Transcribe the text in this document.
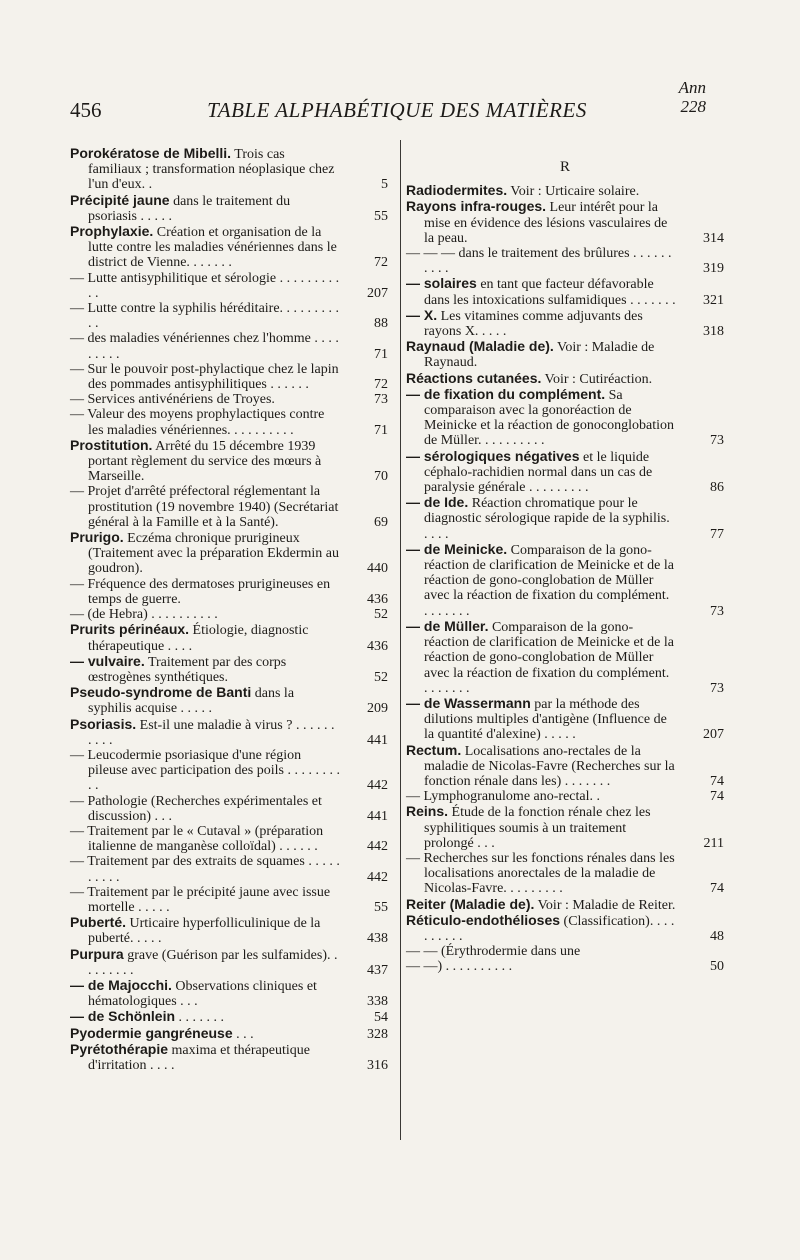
Ann
228
456	TABLE ALPHABÉTIQUE DES MATIÈRES

Porokératose de Mibelli. Trois cas familiaux ; transformation néoplasique chez l'un d'eux. .	5

Précipité jaune dans le traitement du psoriasis . . . . .	55

Prophylaxie. Création et organisation de la lutte contre les maladies vénériennes dans le district de Vienne. . . . . . .	72

— Lutte antisyphilitique et sérologie . . . . . . . . . . .	207

— Lutte contre la syphilis héréditaire. . . . . . . . . . .	88

— des maladies vénériennes chez l'homme . . . . . . . . .	71

— Sur le pouvoir post-phylactique chez le lapin des pommades antisyphilitiques . . . . . .	72

— Services antivénériens de Troyes.	73

— Valeur des moyens prophylactiques contre les maladies vénériennes. . . . . . . . . .	71

Prostitution. Arrêté du 15 décembre 1939 portant règlement du service des mœurs à Marseille.	70

— Projet d'arrêté préfectoral réglementant la prostitution (19 novembre 1940) (Secrétariat général à la Famille et à la Santé).	69

Prurigo. Eczéma chronique prurigineux (Traitement avec la préparation Ekdermin au goudron).	440

— Fréquence des dermatoses prurigineuses en temps de guerre.	436

— (de Hebra) . . . . . . . . . .	52

Prurits périnéaux. Étiologie, diagnostic thérapeutique . . . .	436

— vulvaire. Traitement par des corps œstrogènes synthétiques.	52

Pseudo-syndrome de Banti dans la syphilis acquise . . . . .	209

Psoriasis. Est-il une maladie à virus ? . . . . . . . . . .	441

— Leucodermie psoriasique d'une région pileuse avec participation des poils . . . . . . . . . .	442

— Pathologie (Recherches expérimentales et discussion) . . .	441

— Traitement par le « Cutaval » (préparation italienne de manganèse colloïdal) . . . . . .	442

— Traitement par des extraits de squames . . . . . . . . . .	442

— Traitement par le précipité jaune avec issue mortelle . . . . .	55

Puberté. Urticaire hyperfolliculinique de la puberté. . . . .	438

Purpura grave (Guérison par les sulfamides). . . . . . . . .	437

— de Majocchi. Observations cliniques et hématologiques . . .	338

— de Schönlein . . . . . . .	54

Pyodermie gangréneuse . . .	328

Pyrétothérapie maxima et thérapeutique d'irritation . . . .	316

R

Radiodermites. Voir : Urticaire solaire.

Rayons infra-rouges. Leur intérêt pour la mise en évidence des lésions vasculaires de la peau.	314

— — — dans le traitement des brûlures . . . . . . . . . .	319

— solaires en tant que facteur défavorable dans les intoxications sulfamidiques . . . . . . . 321

— X. Les vitamines comme adjuvants des rayons X. . . . .	318

Raynaud (Maladie de). Voir : Maladie de Raynaud.

Réactions cutanées. Voir : Cutiréaction.

— de fixation du complément. Sa comparaison avec la gonoréaction de Meinicke et la réaction de gonoconglobation de Müller. . . . . . . . . .	73

— sérologiques négatives et le liquide céphalo-rachidien normal dans un cas de paralysie générale . . . . . . . . .	86

— de Ide. Réaction chromatique pour le diagnostic sérologique rapide de la syphilis. . . . .	77

— de Meinicke. Comparaison de la gono-réaction de clarification de Meinicke et de la réaction de gono-conglobation de Müller avec la réaction de fixation du complément. . . . . . . .	73

— de Müller. Comparaison de la gono-réaction de clarification de Meinicke et de la réaction de gono-conglobation de Müller avec la réaction de fixation du complément. . . . . . . .	73

— de Wassermann par la méthode des dilutions multiples d'antigène (Influence de la quantité d'alexine) . . . . .	207

Rectum. Localisations ano-rectales de la maladie de Nicolas-Favre (Recherches sur la fonction rénale dans les) . . . . . . .	74

— Lymphogranulome ano-rectal. .	74

Reins. Étude de la fonction rénale chez les syphilitiques soumis à un traitement prolongé . . .	211

— Recherches sur les fonctions rénales dans les localisations anorectales de la maladie de Nicolas-Favre. . . . . . . . .	74

Reiter (Maladie de). Voir : Maladie de Reiter.

Réticulo-endothélioses (Classification). . . . . . . . . .	48

— — (Érythrodermie dans une

— —) . . . . . . . . . .	50
